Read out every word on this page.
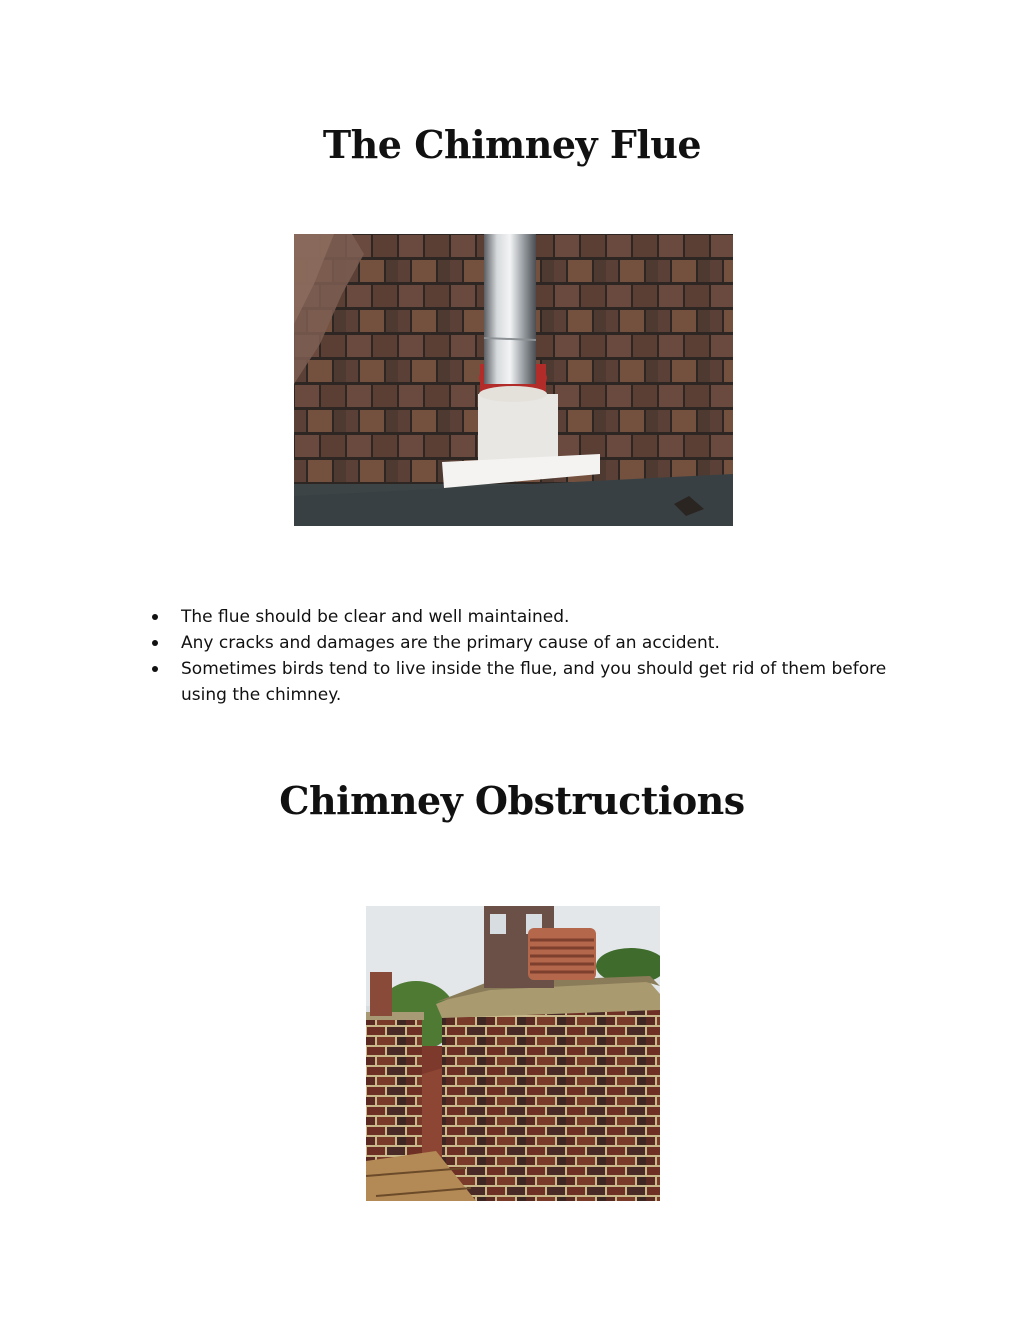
The Chimney Flue
The flue should be clear and well maintained.
Any cracks and damages are the primary cause of an accident.
Sometimes birds tend to live inside the flue, and you should get rid of them before using the chimney.
Chimney Obstructions
